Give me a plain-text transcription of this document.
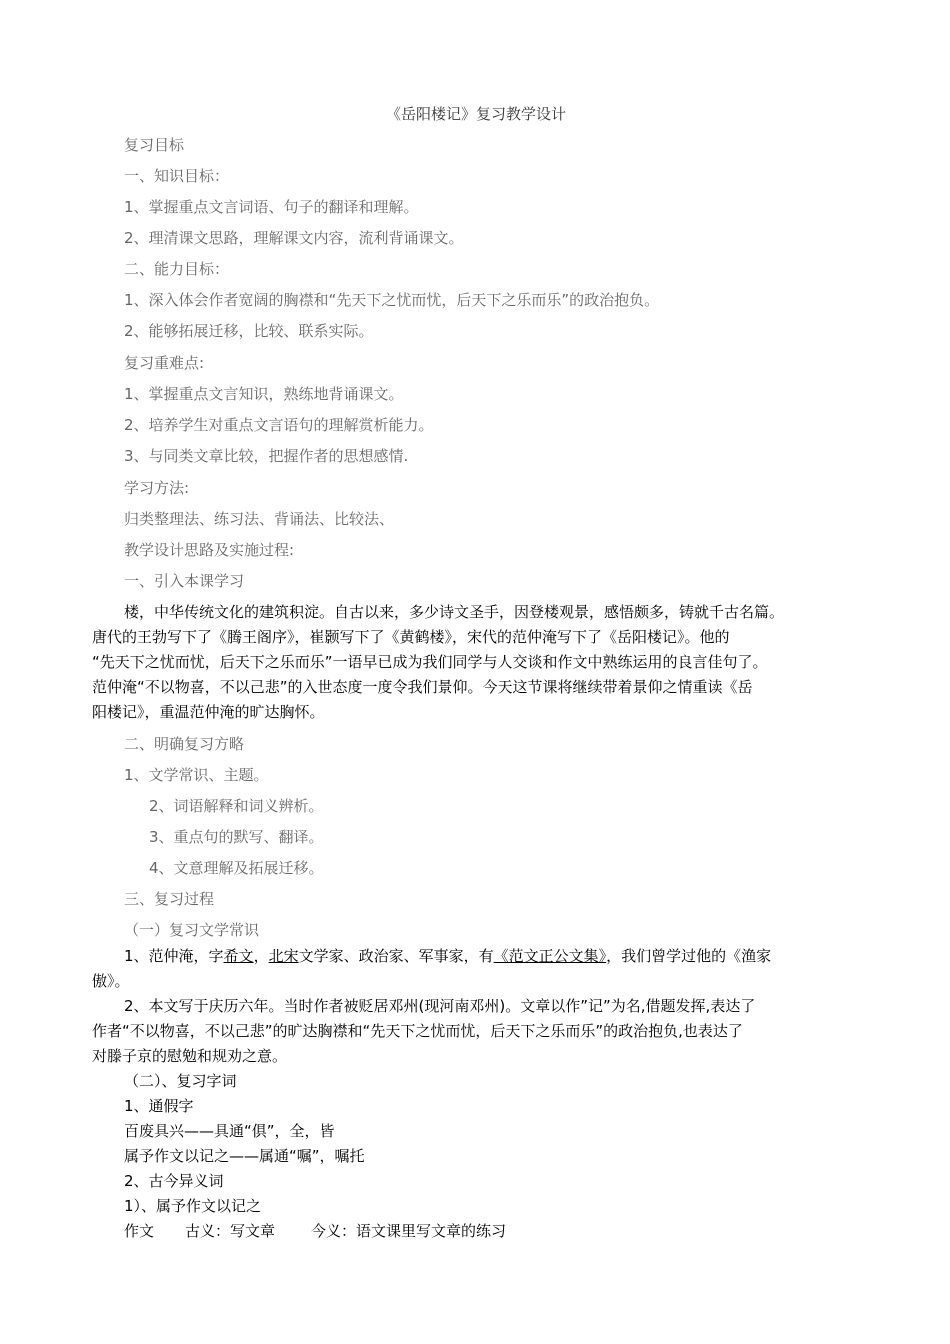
《岳阳楼记》复习教学设计
复习目标
一、知识目标：
1、掌握重点文言词语、句子的翻译和理解。
2、理清课文思路，理解课文内容，流利背诵课文。
二、能力目标：
1、深入体会作者宽阔的胸襟和“先天下之忧而忧，后天下之乐而乐”的政治抱负。
2、能够拓展迁移，比较、联系实际。
复习重难点:
1、掌握重点文言知识，熟练地背诵课文。
2、培养学生对重点文言语句的理解赏析能力。
3、与同类文章比较，把握作者的思想感情.
学习方法:
归类整理法、练习法、背诵法、比较法、
教学设计思路及实施过程:
一、引入本课学习
楼，中华传统文化的建筑积淀。自古以来，多少诗文圣手，因登楼观景，感悟颇多，铸就千古名篇。
唐代的王勃写下了《腾王阁序》，崔颢写下了《黄鹤楼》，宋代的范仲淹写下了《岳阳楼记》。他的
“先天下之忧而忧，后天下之乐而乐”一语早已成为我们同学与人交谈和作文中熟练运用的良言佳句了。
范仲淹“不以物喜，不以己悲”的入世态度一度令我们景仰。今天这节课将继续带着景仰之情重读《岳
阳楼记》，重温范仲淹的旷达胸怀。
二、明确复习方略
1、文学常识、主题。
2、词语解释和词义辨析。
3、重点句的默写、翻译。
4、文意理解及拓展迁移。
三、复习过程
（一）复习文学常识
1、范仲淹，字希文，北宋文学家、政治家、军事家，有《范文正公文集》，我们曾学过他的《渔家
傲》。
2、本文写于庆历六年。当时作者被贬居邓州(现河南邓州)。文章以作”记”为名,借题发挥,表达了
作者“不以物喜，不以己悲”的旷达胸襟和“先天下之忧而忧，后天下之乐而乐”的政治抱负,也表达了
对滕子京的慰勉和规劝之意。
（二）、复习字词
1、通假字
百废具兴——具通“俱”，全，皆
属予作文以记之——属通“嘱”，嘱托
2、古今异义词
1）、属予作文以记之
作文 古义：写文章 今义：语文课里写文章的练习
